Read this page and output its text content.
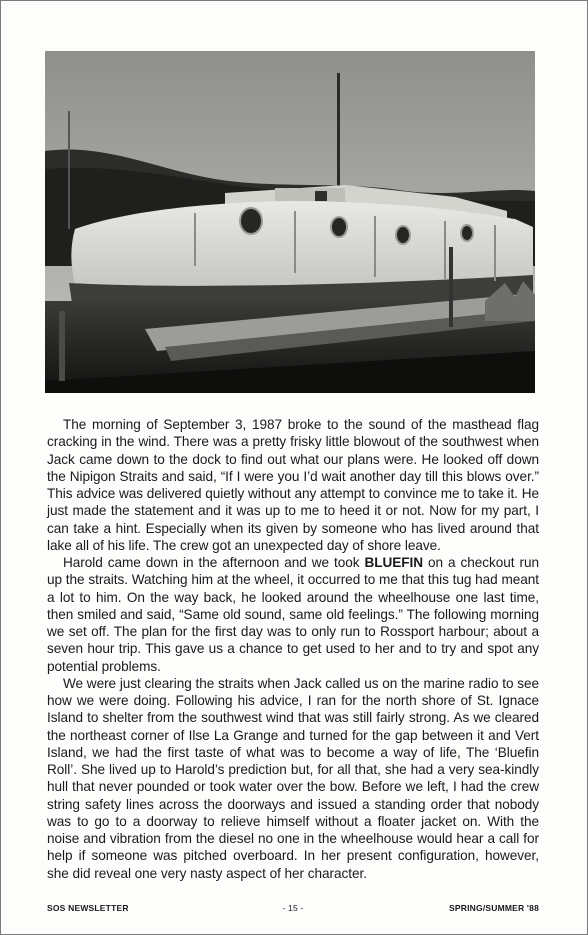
The morning of September 3, 1987 broke to the sound of the masthead flag cracking in the wind. There was a pretty frisky little blowout of the southwest when Jack came down to the dock to find out what our plans were. He looked off down the Nipigon Straits and said, “If I were you I’d wait another day till this blows over.” This advice was delivered quietly without any attempt to convince me to take it. He just made the statement and it was up to me to heed it or not. Now for my part, I can take a hint. Especially when its given by someone who has lived around that lake all of his life. The crew got an unexpected day of shore leave.

Harold came down in the afternoon and we took BLUEFIN on a checkout run up the straits. Watching him at the wheel, it occurred to me that this tug had meant a lot to him. On the way back, he looked around the wheelhouse one last time, then smiled and said, “Same old sound, same old feelings.” The following morning we set off. The plan for the first day was to only run to Rossport harbour; about a seven hour trip. This gave us a chance to get used to her and to try and spot any potential problems.

We were just clearing the straits when Jack called us on the marine radio to see how we were doing. Following his advice, I ran for the north shore of St. Ignace Island to shelter from the southwest wind that was still fairly strong. As we cleared the northeast corner of Ilse La Grange and turned for the gap between it and Vert Island, we had the first taste of what was to become a way of life, The ‘Bluefin Roll’. She lived up to Harold’s prediction but, for all that, she had a very sea-kindly hull that never pounded or took water over the bow. Before we left, I had the crew string safety lines across the doorways and issued a standing order that nobody was to go to a doorway to relieve himself without a floater jacket on. With the noise and vibration from the diesel no one in the wheelhouse would hear a call for help if someone was pitched overboard. In her present configuration, however, she did reveal one very nasty aspect of her character.

SOS NEWSLETTER	- 15 -	SPRING/SUMMER '88
